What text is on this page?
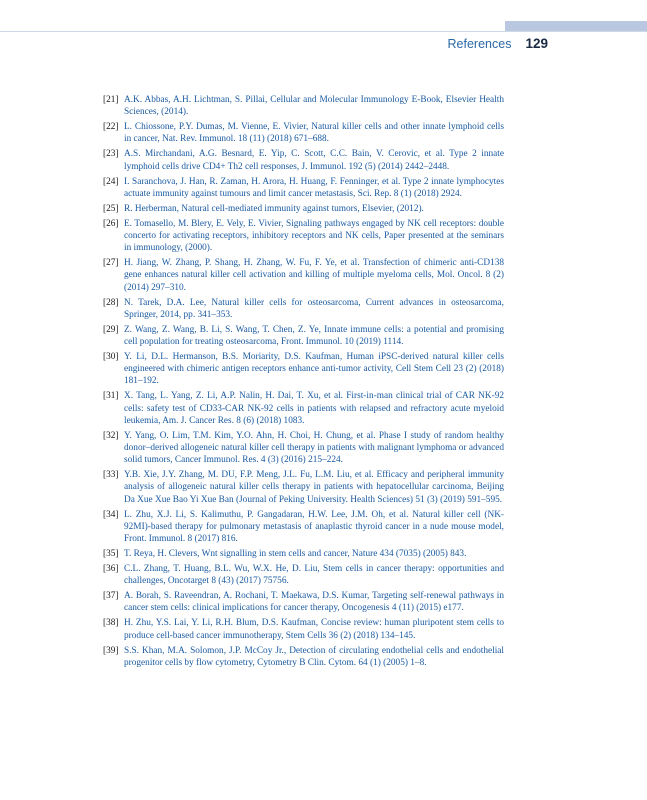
References 129
[21] A.K. Abbas, A.H. Lichtman, S. Pillai, Cellular and Molecular Immunology E-Book, Elsevier Health Sciences, (2014).
[22] L. Chiossone, P.Y. Dumas, M. Vienne, E. Vivier, Natural killer cells and other innate lymphoid cells in cancer, Nat. Rev. Immunol. 18 (11) (2018) 671–688.
[23] A.S. Mirchandani, A.G. Besnard, E. Yip, C. Scott, C.C. Bain, V. Cerovic, et al. Type 2 innate lymphoid cells drive CD4+ Th2 cell responses, J. Immunol. 192 (5) (2014) 2442–2448.
[24] I. Saranchova, J. Han, R. Zaman, H. Arora, H. Huang, F. Fenninger, et al. Type 2 innate lymphocytes actuate immunity against tumours and limit cancer metastasis, Sci. Rep. 8 (1) (2018) 2924.
[25] R. Herberman, Natural cell-mediated immunity against tumors, Elsevier, (2012).
[26] E. Tomasello, M. Blery, E. Vely, E. Vivier, Signaling pathways engaged by NK cell receptors: double concerto for activating receptors, inhibitory receptors and NK cells, Paper presented at the seminars in immunology, (2000).
[27] H. Jiang, W. Zhang, P. Shang, H. Zhang, W. Fu, F. Ye, et al. Transfection of chimeric anti-CD138 gene enhances natural killer cell activation and killing of multiple myeloma cells, Mol. Oncol. 8 (2) (2014) 297–310.
[28] N. Tarek, D.A. Lee, Natural killer cells for osteosarcoma, Current advances in osteosarcoma, Springer, 2014, pp. 341–353.
[29] Z. Wang, Z. Wang, B. Li, S. Wang, T. Chen, Z. Ye, Innate immune cells: a potential and promising cell population for treating osteosarcoma, Front. Immunol. 10 (2019) 1114.
[30] Y. Li, D.L. Hermanson, B.S. Moriarity, D.S. Kaufman, Human iPSC-derived natural killer cells engineered with chimeric antigen receptors enhance anti-tumor activity, Cell Stem Cell 23 (2) (2018) 181–192.
[31] X. Tang, L. Yang, Z. Li, A.P. Nalin, H. Dai, T. Xu, et al. First-in-man clinical trial of CAR NK-92 cells: safety test of CD33-CAR NK-92 cells in patients with relapsed and refractory acute myeloid leukemia, Am. J. Cancer Res. 8 (6) (2018) 1083.
[32] Y. Yang, O. Lim, T.M. Kim, Y.O. Ahn, H. Choi, H. Chung, et al. Phase I study of random healthy donor–derived allogeneic natural killer cell therapy in patients with malignant lymphoma or advanced solid tumors, Cancer Immunol. Res. 4 (3) (2016) 215–224.
[33] Y.B. Xie, J.Y. Zhang, M. DU, F.P. Meng, J.L. Fu, L.M. Liu, et al. Efficacy and peripheral immunity analysis of allogeneic natural killer cells therapy in patients with hepatocellular carcinoma, Beijing Da Xue Xue Bao Yi Xue Ban (Journal of Peking University. Health Sciences) 51 (3) (2019) 591–595.
[34] L. Zhu, X.J. Li, S. Kalimuthu, P. Gangadaran, H.W. Lee, J.M. Oh, et al. Natural killer cell (NK-92MI)-based therapy for pulmonary metastasis of anaplastic thyroid cancer in a nude mouse model, Front. Immunol. 8 (2017) 816.
[35] T. Reya, H. Clevers, Wnt signalling in stem cells and cancer, Nature 434 (7035) (2005) 843.
[36] C.L. Zhang, T. Huang, B.L. Wu, W.X. He, D. Liu, Stem cells in cancer therapy: opportunities and challenges, Oncotarget 8 (43) (2017) 75756.
[37] A. Borah, S. Raveendran, A. Rochani, T. Maekawa, D.S. Kumar, Targeting self-renewal pathways in cancer stem cells: clinical implications for cancer therapy, Oncogenesis 4 (11) (2015) e177.
[38] H. Zhu, Y.S. Lai, Y. Li, R.H. Blum, D.S. Kaufman, Concise review: human pluripotent stem cells to produce cell-based cancer immunotherapy, Stem Cells 36 (2) (2018) 134–145.
[39] S.S. Khan, M.A. Solomon, J.P. McCoy Jr., Detection of circulating endothelial cells and endothelial progenitor cells by flow cytometry, Cytometry B Clin. Cytom. 64 (1) (2005) 1–8.
